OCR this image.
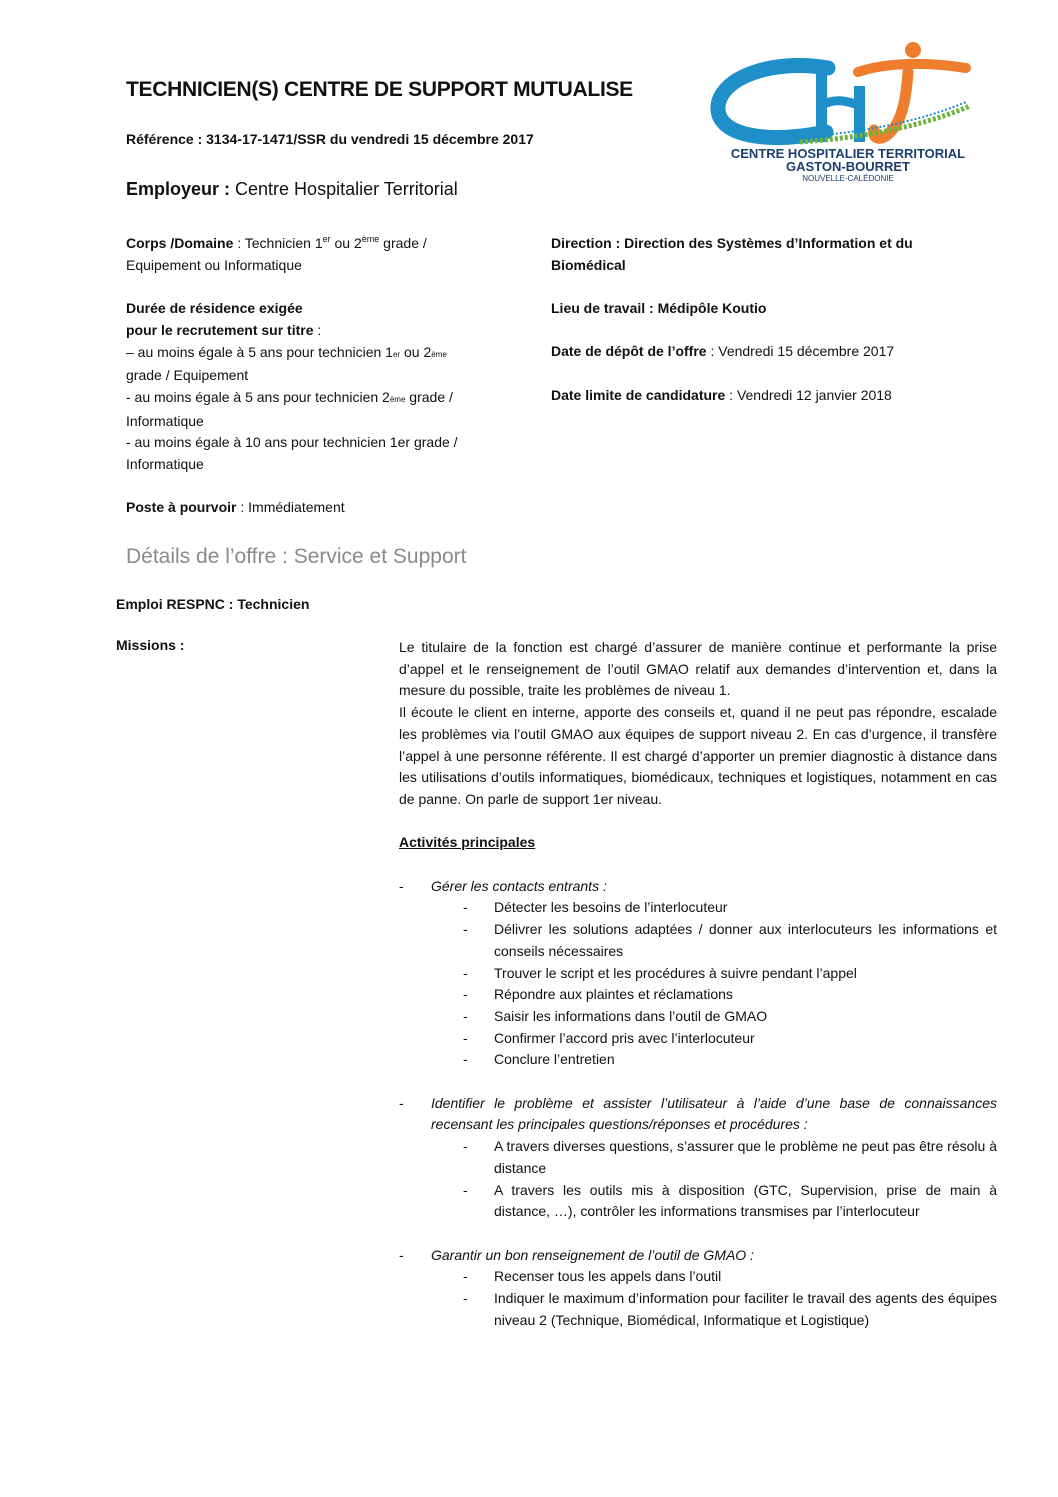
TECHNICIEN(S) CENTRE DE SUPPORT MUTUALISE
Référence : 3134-17-1471/SSR du vendredi 15 décembre 2017
Employeur : Centre Hospitalier Territorial
CENTRE HOSPITALIER TERRITORIAL
GASTON-BOURRET
NOUVELLE-CALÉDONIE
Corps /Domaine : Technicien 1er ou 2ème grade /
Equipement ou Informatique
Durée de résidence exigée
pour le recrutement sur titre :
– au moins égale à 5 ans pour technicien 1er ou 2ème
grade / Equipement
- au moins égale à 5 ans pour technicien 2ème grade /
Informatique
- au moins égale à 10 ans pour technicien 1er grade /
Informatique
Poste à pourvoir : Immédiatement
Direction : Direction des Systèmes d’Information et du
Biomédical
Lieu de travail : Médipôle Koutio
Date de dépôt de l’offre : Vendredi 15 décembre 2017
Date limite de candidature : Vendredi 12 janvier 2018
Détails de l’offre : Service et Support
Emploi RESPNC : Technicien
Missions :	Le titulaire de la fonction est chargé d’assurer de manière continue et performante la prise d’appel et le renseignement de l’outil GMAO relatif aux demandes d’intervention et, dans la mesure du possible, traite les problèmes de niveau 1.

Il écoute le client en interne, apporte des conseils et, quand il ne peut pas répondre, escalade les problèmes via l’outil GMAO aux équipes de support niveau 2. En cas d’urgence, il transfère l’appel à une personne référente. Il est chargé d’apporter un premier diagnostic à distance dans les utilisations d’outils informatiques, biomédicaux, techniques et logistiques, notamment en cas de panne. On parle de support 1er niveau.

Activités principales
- Gérer les contacts entrants :
- Détecter les besoins de l’interlocuteur
- Délivrer les solutions adaptées / donner aux interlocuteurs les informations et conseils nécessaires
- Trouver le script et les procédures à suivre pendant l’appel
- Répondre aux plaintes et réclamations
- Saisir les informations dans l’outil de GMAO
- Confirmer l’accord pris avec l’interlocuteur
- Conclure l’entretien
- Identifier le problème et assister l’utilisateur à l’aide d’une base de connaissances recensant les principales questions/réponses et procédures :
- A travers diverses questions, s’assurer que le problème ne peut pas être résolu à distance
- A travers les outils mis à disposition (GTC, Supervision, prise de main à distance, …), contrôler les informations transmises par l’interlocuteur
- Garantir un bon renseignement de l’outil de GMAO :
- Recenser tous les appels dans l’outil
- Indiquer le maximum d’information pour faciliter le travail des agents des équipes niveau 2 (Technique, Biomédical, Informatique et Logistique)
